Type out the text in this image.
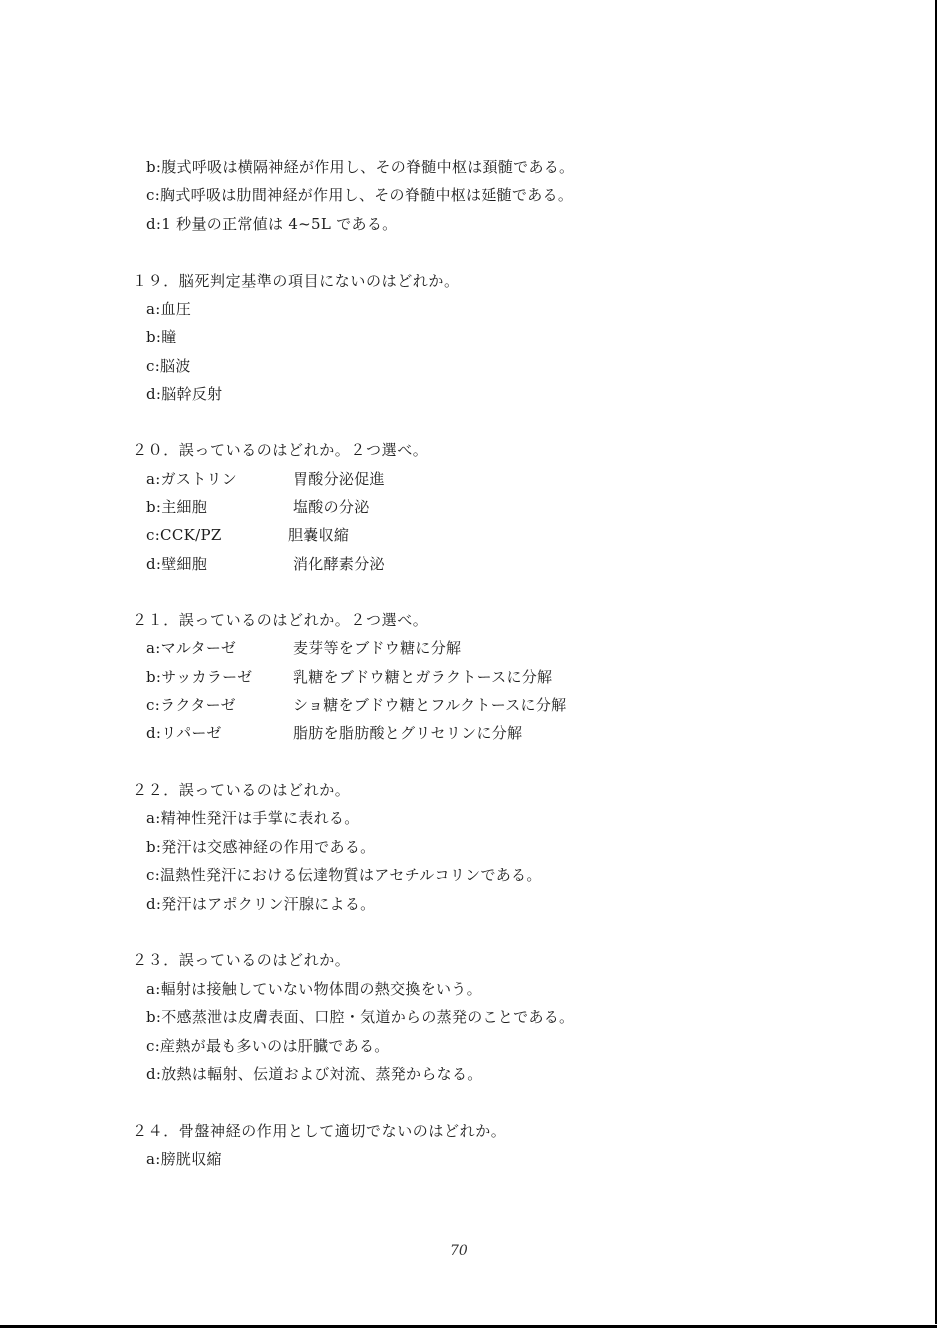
b:腹式呼吸は横隔神経が作用し、その脊髄中枢は頚髄である。
c:胸式呼吸は肋間神経が作用し、その脊髄中枢は延髄である。
d:1 秒量の正常値は 4~5L である。
１９．脳死判定基準の項目にないのはどれか。
a:血圧
b:瞳
c:脳波
d:脳幹反射
２０．誤っているのはどれか。２つ選べ。
a:ガストリン	胃酸分泌促進
b:主細胞	塩酸の分泌
c:CCK/PZ	胆嚢収縮
d:壁細胞	消化酵素分泌
２１．誤っているのはどれか。２つ選べ。
a:マルターゼ	麦芽等をブドウ糖に分解
b:サッカラーゼ	乳糖をブドウ糖とガラクトースに分解
c:ラクターゼ	ショ糖をブドウ糖とフルクトースに分解
d:リパーゼ	脂肪を脂肪酸とグリセリンに分解
２２．誤っているのはどれか。
a:精神性発汗は手掌に表れる。
b:発汗は交感神経の作用である。
c:温熱性発汗における伝達物質はアセチルコリンである。
d:発汗はアポクリン汗腺による。
２３．誤っているのはどれか。
a:輻射は接触していない物体間の熱交換をいう。
b:不感蒸泄は皮膚表面、口腔・気道からの蒸発のことである。
c:産熱が最も多いのは肝臓である。
d:放熱は輻射、伝道および対流、蒸発からなる。
２４．骨盤神経の作用として適切でないのはどれか。
a:膀胱収縮
70
